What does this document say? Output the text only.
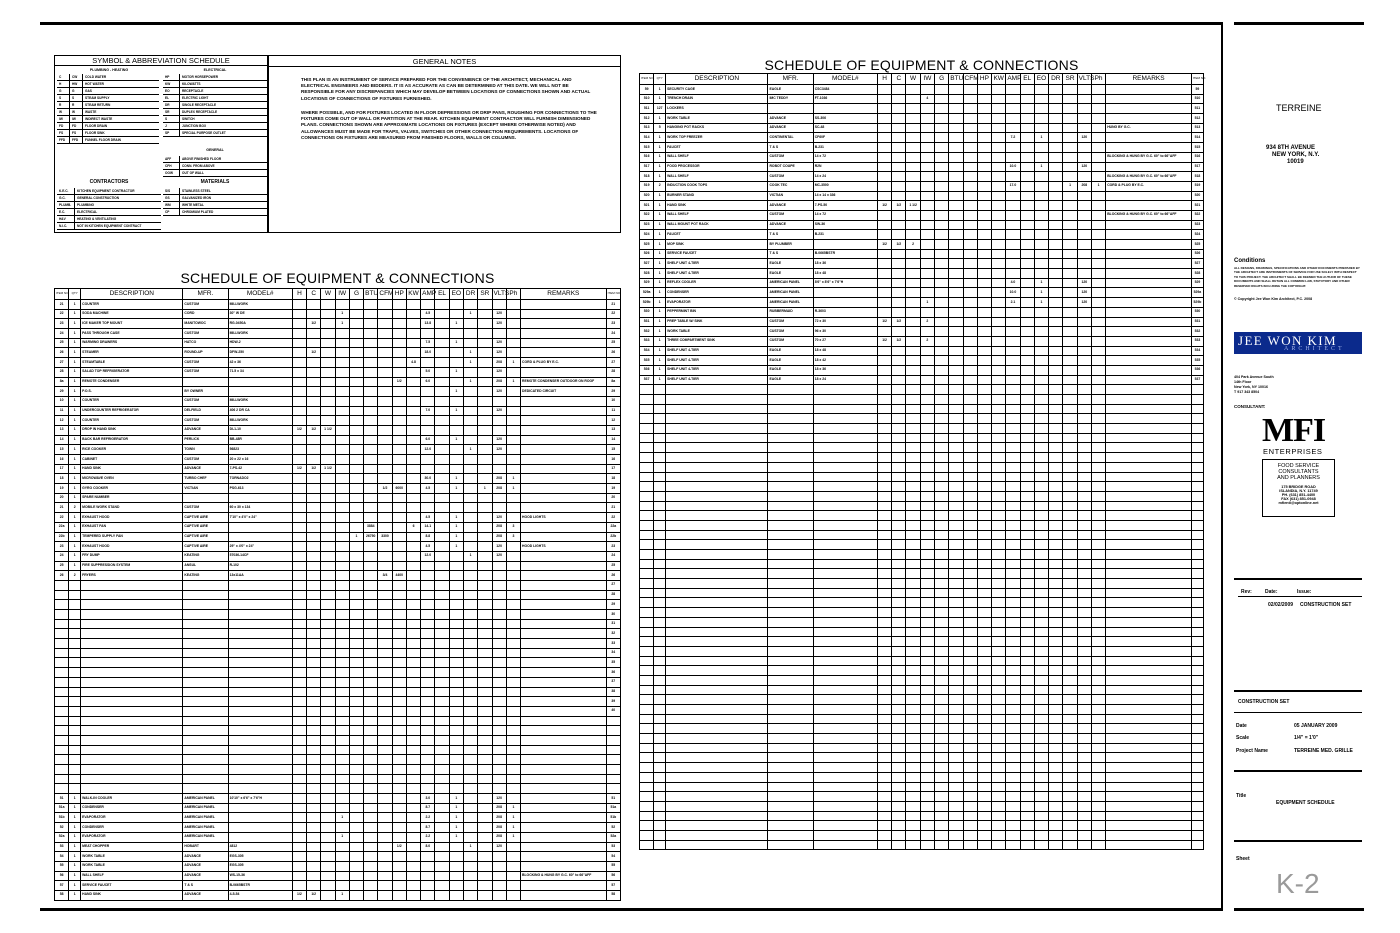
SYMBOL & ABBREVIATION SCHEDULE
PLUMBING - HEATING	ELECTRICAL
C	CW	COLD WATER
H	HW	HOT WATER
G	G	GAS
S	S	STEAM SUPPLY
R	R	STEAM RETURN
W	W	WASTE
IW	IW	INDIRECT WASTE
FD	FD	FLOOR DRAIN
FS	FS	FLOOR SINK
FFD	FFD	FUNNEL FLOOR DRAIN
HP	MOTOR HORSEPOWER
KW	KILOWATTS
EO	RECEPTACLE
EL	ELECTRIC LIGHT
DR	SINGLE RECEPTACLE
SR	DUPLEX RECEPTACLE
S	SWITCH
J	JUNCTION BOX
SP	SPECIAL PURPOSE OUTLET
GENERAL
AFF	ABOVE FINISHED FLOOR
CFH	CONN. FROM ABOVE
OOW	OUT OF WALL
CONTRACTORS	MATERIALS
K.E.C.	KITCHEN EQUIPMENT CONTRACTOR
G.C.	GENERAL CONSTRUCTION
PLUMB.	PLUMBING
E.C.	ELECTRICAL
H&V	HEATING & VENTILATING
N.I.C.	NOT IN KITCHEN EQUIPMENT CONTRACT
S/S	STAINLESS STEEL
GS	GALVANIZED IRON
WM	WHITE METAL
CP	CHROMIUM PLATED
GENERAL NOTES
THIS PLAN IS AN INSTRUMENT OF SERVICE PREPARED FOR THE CONVENIENCE OF THE ARCHITECT, MECHANICAL AND ELECTRICAL ENGINEERS AND BIDDERS. IT IS AS ACCURATE AS CAN BE DETERMINED AT THIS DATE. WE WILL NOT BE RESPONSIBLE FOR ANY DISCREPANCIES WHICH MAY DEVELOP BETWEEN LOCATIONS OF CONNECTIONS SHOWN AND ACTUAL LOCATIONS OF CONNECTIONS OF FIXTURES FURNISHED.
WHERE POSSIBLE, AND FOR FIXTURES LOCATED IN FLOOR DEPRESSIONS OR DRIP PANS, ROUGHING FOR CONNECTIONS TO THE FIXTURES COME OUT OF WALL OR PARTITION AT THE REAR. KITCHEN EQUIPMENT CONTRACTOR WILL FURNISH DIMENSIONED PLANS. CONNECTIONS SHOWN ARE APPROXIMATE LOCATIONS ON FIXTURES (EXCEPT WHERE OTHERWISE NOTED) AND ALLOWANCES MUST BE MADE FOR TRAPS, VALVES, SWITCHES OR OTHER CONNECTION REQUIREMENTS. LOCATIONS OF CONNECTIONS ON FIXTURES ARE MEASURED FROM FINISHED FLOORS, WALLS OR COLUMNS.
SCHEDULE OF EQUIPMENT & CONNECTIONS
ITEM NO.	QTY	DESCRIPTION	MFR.	MODEL#	H	C	W	IW	G	BTU	CFM	HP	KW	AMP	EL	EO	DR	SR	VLTS	Ph	REMARKS	ITEM NO.
21	1	COUNTER	CUSTOM	MILLWORK																		21
22	1	SODA MACHINE	CORD	30" W DE				1						4.5			1		120			22
23	1	ICE MAKER TOP MOUNT	MANITOWOC	RG-0450A		1/2		1						13.8		1			120			23
24	1	PASS THROUGH CASE	CUSTOM	MILLWORK																		24
25	1	WARMING DRAWERS	HATCO	HDW-2										7.5		1			120			25
26	1	STEAMER	ROUND-UP	DFW-250		1/2								18.0			1		120			26
27	1	STEAMTABLE	CUSTOM	42 x 36									4.8				1		208	1	CORD & PLUG BY E.C.	27
28	1	SALAD TOP REFRIGERATOR	CUSTOM	71.5 x 34										5.0		1			120			28
8a	1	REMOTE CONDENSER										1/2		6.0			1		208	1	REMOTE CONDENSER OUTDOOR ON ROOF	8a
29	1	P.O.S.	BY OWNER													1			120		DEDICATED CIRCUIT	29
10	1	COUNTER	CUSTOM	MILLWORK																		10
11	1	UNDERCOUNTER REFRIGERATOR	DELFIELD	406 2 DR CA										7.0		1			120			11
12	1	COUNTER	CUSTOM	MILLWORK																		12
13	1	DROP IN HAND SINK	ADVANCE	DI-1-10	1/2	1/2	1 1/2															13
14	1	BACK BAR REFRIGERATOR	PERLICK	BB-48R										6.0		1			120			14
15	1	RICE COOKER	TOWN	56823										12.0			1		120			15
16	1	CABINET	CUSTOM	20 x 22 x 16																		16
17	1	HAND SINK	ADVANCE	7-PS-42	1/2	1/2	1 1/2															17
18	1	MICROWAVE OVEN	TURBO CHEF	TORNADO2										30.0		1			208	1		18
19	1	GYRO COOKER	VICTIAN	PSG-613							1/2	6000		4.5		1		1	208	1		19
20	1	SPARE NUMBER																				20
21	2	MOBILE WORK STAND	CUSTOM	60 x 30 x 134																		21
22	1	EXHAUST HOOD	CAPTIVE AIRE	7'10" x 4'0" x 24"										4.5		1			120		HOOD LIGHTS	22
22a	1	EXHAUST FAN	CAPTIVE AIRE							3884			6	14.1		1			208	3		22a
22b	1	TEMPERED SUPPLY FAN	CAPTIVE AIRE						1	26750	3300			8.8		1			208	3		22b
23	1	EXHAUST HOOD	CAPTIVE AIRE	29" x 4'0" x 24"										4.5		1			120		HOOD LIGHTS	23
24	1	FRY DUMP	KEATING	57036-14CF										12.0			1		120			24
25	1	FIRE SUPPRESSION SYSTEM	ANSUL	R-102																		25
26	2	FRYERS	KEATING	13x11AA							3/4	4400										26
																						27
																						28
																						29
																						30
																						31
																						32
																						33
																						34
																						35
																						36
																						37
																						38
																						39
																						40

51	1	WALK-IN COOLER	AMERICAN PANEL	10'10" x 6'6" x 7'6"H										3.0		1			120			51
51a	1	CONDENSER	AMERICAN PANEL											8.7		1			208	1		51a
51b	1	EVAPORATOR	AMERICAN PANEL					1						2.2		1			208	1		51b
52	1	CONDENSER	AMERICAN PANEL											8.7		1			208	1		52
52a	1	EVAPORATOR	AMERICAN PANEL					1						2.2		1			208	1		52a
53	1	MEAT CHOPPER	HOBART	4812								1/2		8.0			1		120			53
54	1	WORK TABLE	ADVANCE	EGS-305																		54
55	1	WORK TABLE	ADVANCE	EGS-305																		55
56	1	WALL SHELF	ADVANCE	WS-15-36																	BLOCKING & HUNG BY G.C. 60" to 66"AFF	56
57	1	SERVICE FAUCET	T & S	B-0665BSTR																		57
58	1	HAND SINK	ADVANCE	4-5-54	1/2	1/2		1														58
SCHEDULE OF EQUIPMENT & CONNECTIONS
ITEM NO.	QTY	DESCRIPTION	MFR.	MODEL#	H	C	W	IW	G	BTU	CFM	HP	KW	AMP	EL	EO	DR	SR	VLTS	Ph	REMARKS	ITEM NO.
59	1	SECURITY CAGE	EAGLE	CSC3484																		59
510	1	TRENCH DRAIN	IMC TEDDY	FT-1036				4														510
511	127	LOCKERS																				511
512	1	WORK TABLE	ADVANCE	SS-306																		512
513	5	HANGING POT RACKS	ADVANCE	SC-48																	HUNG BY G.C.	513
514	1	WORK TOP FREEZER	CONTINENTAL	CF60F										7.2		1			120			514
515	1	FAUCET	T & S	B-231																		515
516	1	WALL SHELF	CUSTOM	14 x 72																	BLOCKING & HUNG BY G.C. 60" to 66"AFF	516
517	1	FOOD PROCESSOR	ROBOT COUPE	R2N										10.0		1			120			517
518	1	WALL SHELF	CUSTOM	14 x 24																	BLOCKING & HUNG BY G.C. 60" to 66"AFF	518
519	2	INDUCTION COOK TOPS	COOK TEC	MC-3500										17.0				1	208	1	CORD & PLUG BY E.C.	519
520	1	BURNER STAND	VICTIAN	14 x 14 x 336																		520
521	1	HAND SINK	ADVANCE	7-PS-50	1/2	1/2	1 1/2															521
522	1	WALL SHELF	CUSTOM	14 x 72																	BLOCKING & HUNG BY G.C. 60" to 66"AFF	522
523	1	WALL MOUNT POT RACK	ADVANCE	SW-36																		523
524	1	FAUCET	T & S	B-231																		524
525	1	MOP SINK	BY PLUMBER		1/2	1/2	2															525
526	1	SERVICE FAUCET	T & S	B-0665BSTR																		526
527	1	SHELF UNIT 4-TIER	EAGLE	18 x 36																		527
528	1	SHELF UNIT 4-TIER	EAGLE	18 x 48																		528
529	1	REFLEX COOLER	AMERICAN PANEL	8'6" x 8'6" x 7'6"H										4.0		1			120			529
529a	1	CONDENSER	AMERICAN PANEL											10.0		1			120			529a
529b	1	EVAPORATOR	AMERICAN PANEL					1						2.1		1			120			529b
530	1	PEPPERMINT BIN	RUBBERMAID	R-3603																		530
531	1	PREP TABLE W/ SINK	CUSTOM	72 x 30	1/2	1/2		2														531
532	1	WORK TABLE	CUSTOM	96 x 30																		532
533	1	THREE COMPARTMENT SINK	CUSTOM	70 x 27	1/2	1/2		2														533
534	1	SHELF UNIT 4-TIER	EAGLE	18 x 48																		534
535	1	SHELF UNIT 4-TIER	EAGLE	18 x 42																		535
536	1	SHELF UNIT 4-TIER	EAGLE	18 x 36																		536
537	1	SHELF UNIT 4-TIER	EAGLE	18 x 24																		537

TERREINE
934 8TH AVENUE
NEW YORK, N.Y.
10019
Conditions
ALL DESIGNS, DRAWINGS, SPECIFICATIONS AND OTHER DOCUMENTS PREPARED BY THE ARCHITECT ARE INSTRUMENTS OF SERVICE FOR USE SOLELY WITH RESPECT TO THIS PROJECT. THE ARCHITECT SHALL BE DEEMED THE AUTHOR OF THESE DOCUMENTS AND SHALL RETAIN ALL COMMON LAW, STATUTORY AND OTHER RESERVED RIGHTS INCLUDING THE COPYRIGHT.
© Copyright Jee Won Kim Architect, P.C. 2008
JEE WON KIM
ARCHITECT
404 Park Avenue South
14th Floor
New York, NY 10016
T 917 343 8504
CONSULTANT:
MFI
ENTERPRISES
FOOD SERVICE
CONSULTANTS
AND PLANNERS
175 BRIDGE ROAD
ISLANDIA, N.Y. 11749
PH. (631) 851-4400
FAX (631) 851-0948
mfienti@optonline.net
Rev:	Date:	Issue:
02/02/2009 CONSTRUCTION SET
CONSTRUCTION SET
Date	05 JANUARY 2009
Scale	1/4" = 1'0"
Project Name	TERREINE MED. GRILLE
Title
EQUIPMENT SCHEDULE
Sheet
K-2
